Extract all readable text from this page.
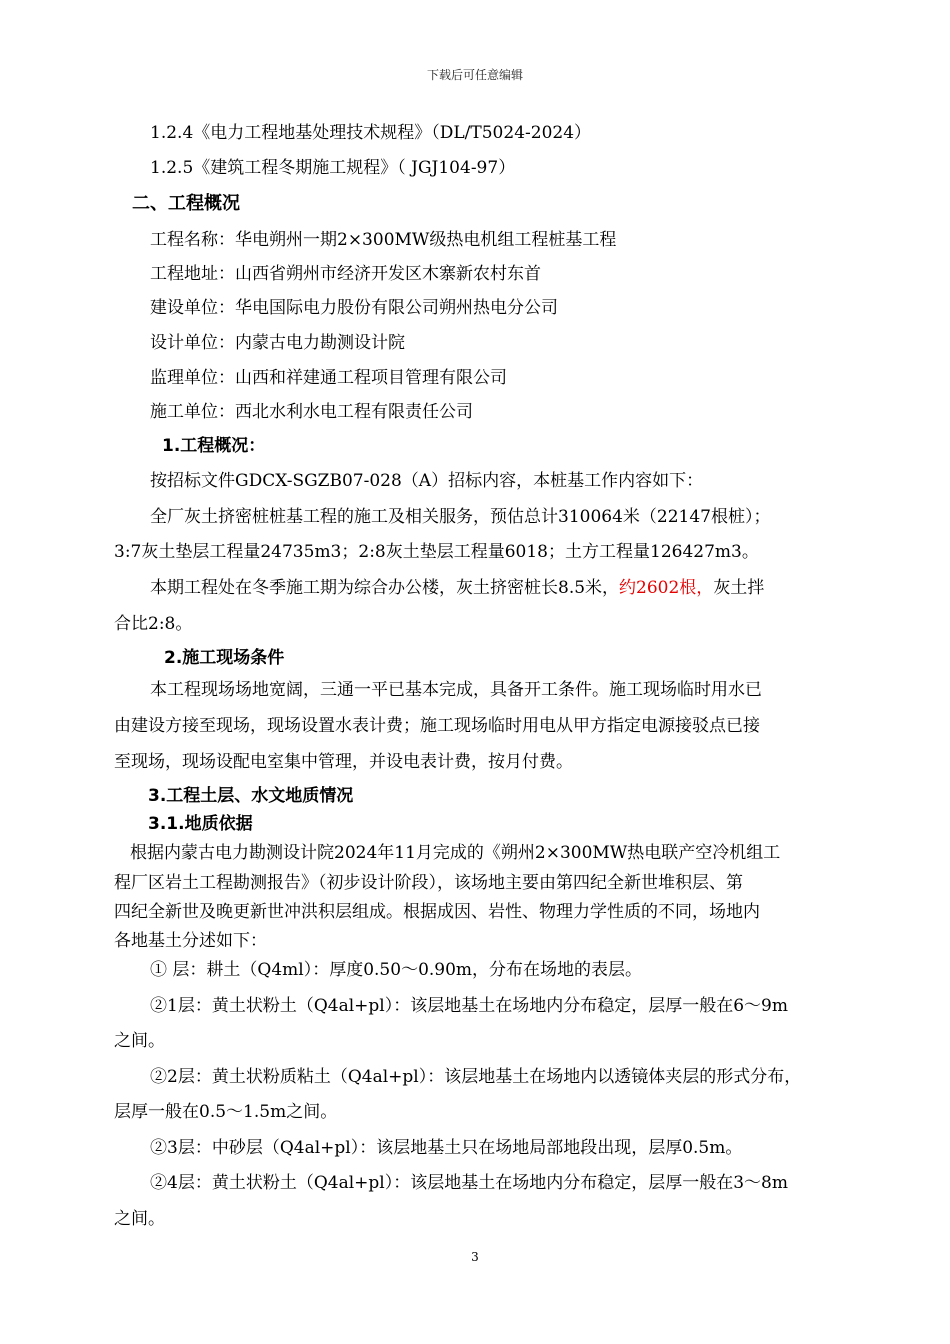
下载后可任意编辑
1.2.4《电力工程地基处理技术规程》（DL/T5024-2024）
1.2.5《建筑工程冬期施工规程》（ JGJ104-97）
二、工程概况
工程名称：华电朔州一期2×300MW级热电机组工程桩基工程
工程地址：山西省朔州市经济开发区木寨新农村东首
建设单位：华电国际电力股份有限公司朔州热电分公司
设计单位：内蒙古电力勘测设计院
监理单位：山西和祥建通工程项目管理有限公司
施工单位：西北水利水电工程有限责任公司
1.工程概况：
按招标文件GDCX-SGZB07-028（A）招标内容，本桩基工作内容如下：
全厂灰土挤密桩桩基工程的施工及相关服务，预估总计310064米（22147根桩）；
3:7灰土垫层工程量24735m3；2:8灰土垫层工程量6018；土方工程量126427m3。
本期工程处在冬季施工期为综合办公楼，灰土挤密桩长8.5米，约2602根，灰土拌
合比2:8。
2.施工现场条件
本工程现场场地宽阔，三通一平已基本完成，具备开工条件。施工现场临时用水已
由建设方接至现场，现场设置水表计费；施工现场临时用电从甲方指定电源接驳点已接
至现场，现场设配电室集中管理，并设电表计费，按月付费。
3.工程土层、水文地质情况
3.1.地质依据
根据内蒙古电力勘测设计院2024年11月完成的《朔州2×300MW热电联产空冷机组工
程厂区岩土工程勘测报告》（初步设计阶段），该场地主要由第四纪全新世堆积层、第
四纪全新世及晚更新世冲洪积层组成。根据成因、岩性、物理力学性质的不同，场地内
各地基土分述如下：
① 层：耕土（Q4ml）：厚度0.50～0.90m，分布在场地的表层。
②1层：黄土状粉土（Q4al+pl）：该层地基土在场地内分布稳定，层厚一般在6～9m
之间。
②2层：黄土状粉质粘土（Q4al+pl）：该层地基土在场地内以透镜体夹层的形式分布，
层厚一般在0.5～1.5m之间。
②3层：中砂层（Q4al+pl）：该层地基土只在场地局部地段出现，层厚0.5m。
②4层：黄土状粉土（Q4al+pl）：该层地基土在场地内分布稳定，层厚一般在3～8m
之间。
3
